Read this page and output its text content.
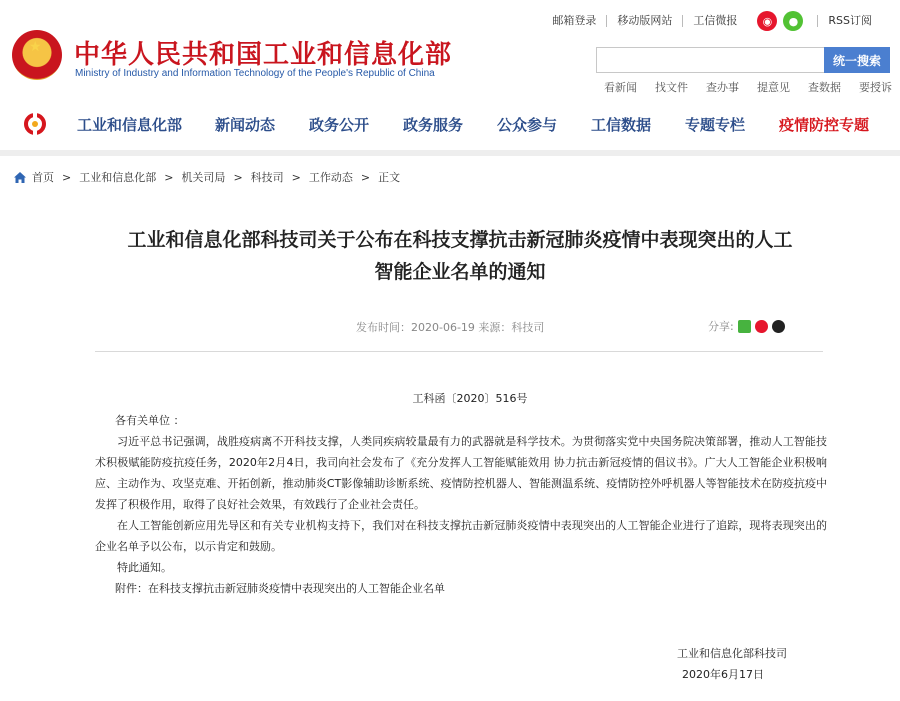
邮箱登录	移动版网站	工信微报	◉	●	RSS订阅
★
中华人民共和国工业和信息化部
Ministry of Industry and Information Technology of the People's Republic of China
统一搜索
看新闻 找文件 查办事 提意见 查数据 要授诉
工业和信息化部 新闻动态 政务公开 政务服务 公众参与 工信数据 专题专栏 疫情防控专题
首页 > 工业和信息化部 > 机关司局 > 科技司 > 工作动态 > 正文
工业和信息化部科技司关于公布在科技支撑抗击新冠肺炎疫情中表现突出的人工
智能企业名单的通知
发布时间：2020-06-19 来源：科技司	分享:
工科函〔2020〕516号

各有关单位 ：

习近平总书记强调，战胜疫病离不开科技支撑，人类同疾病较量最有力的武器就是科学技术。为贯彻落实党中央国务院决策部署，推动人工智能技术积极赋能防疫抗疫任务，2020年2月4日，我司向社会发布了《充分发挥人工智能赋能效用 协力抗击新冠疫情的倡议书》。广大人工智能企业积极响应、主动作为、攻坚克难、开拓创新，推动肺炎CT影像辅助诊断系统、疫情防控机器人、智能测温系统、疫情防控外呼机器人等智能技术在防疫抗疫中发挥了积极作用，取得了良好社会效果，有效践行了企业社会责任。

在人工智能创新应用先导区和有关专业机构支持下，我们对在科技支撑抗击新冠肺炎疫情中表现突出的人工智能企业进行了追踪，现将表现突出的企业名单予以公布，以示肯定和鼓励。

特此通知。

附件：在科技支撑抗击新冠肺炎疫情中表现突出的人工智能企业名单

工业和信息化部科技司
2020年6月17日
